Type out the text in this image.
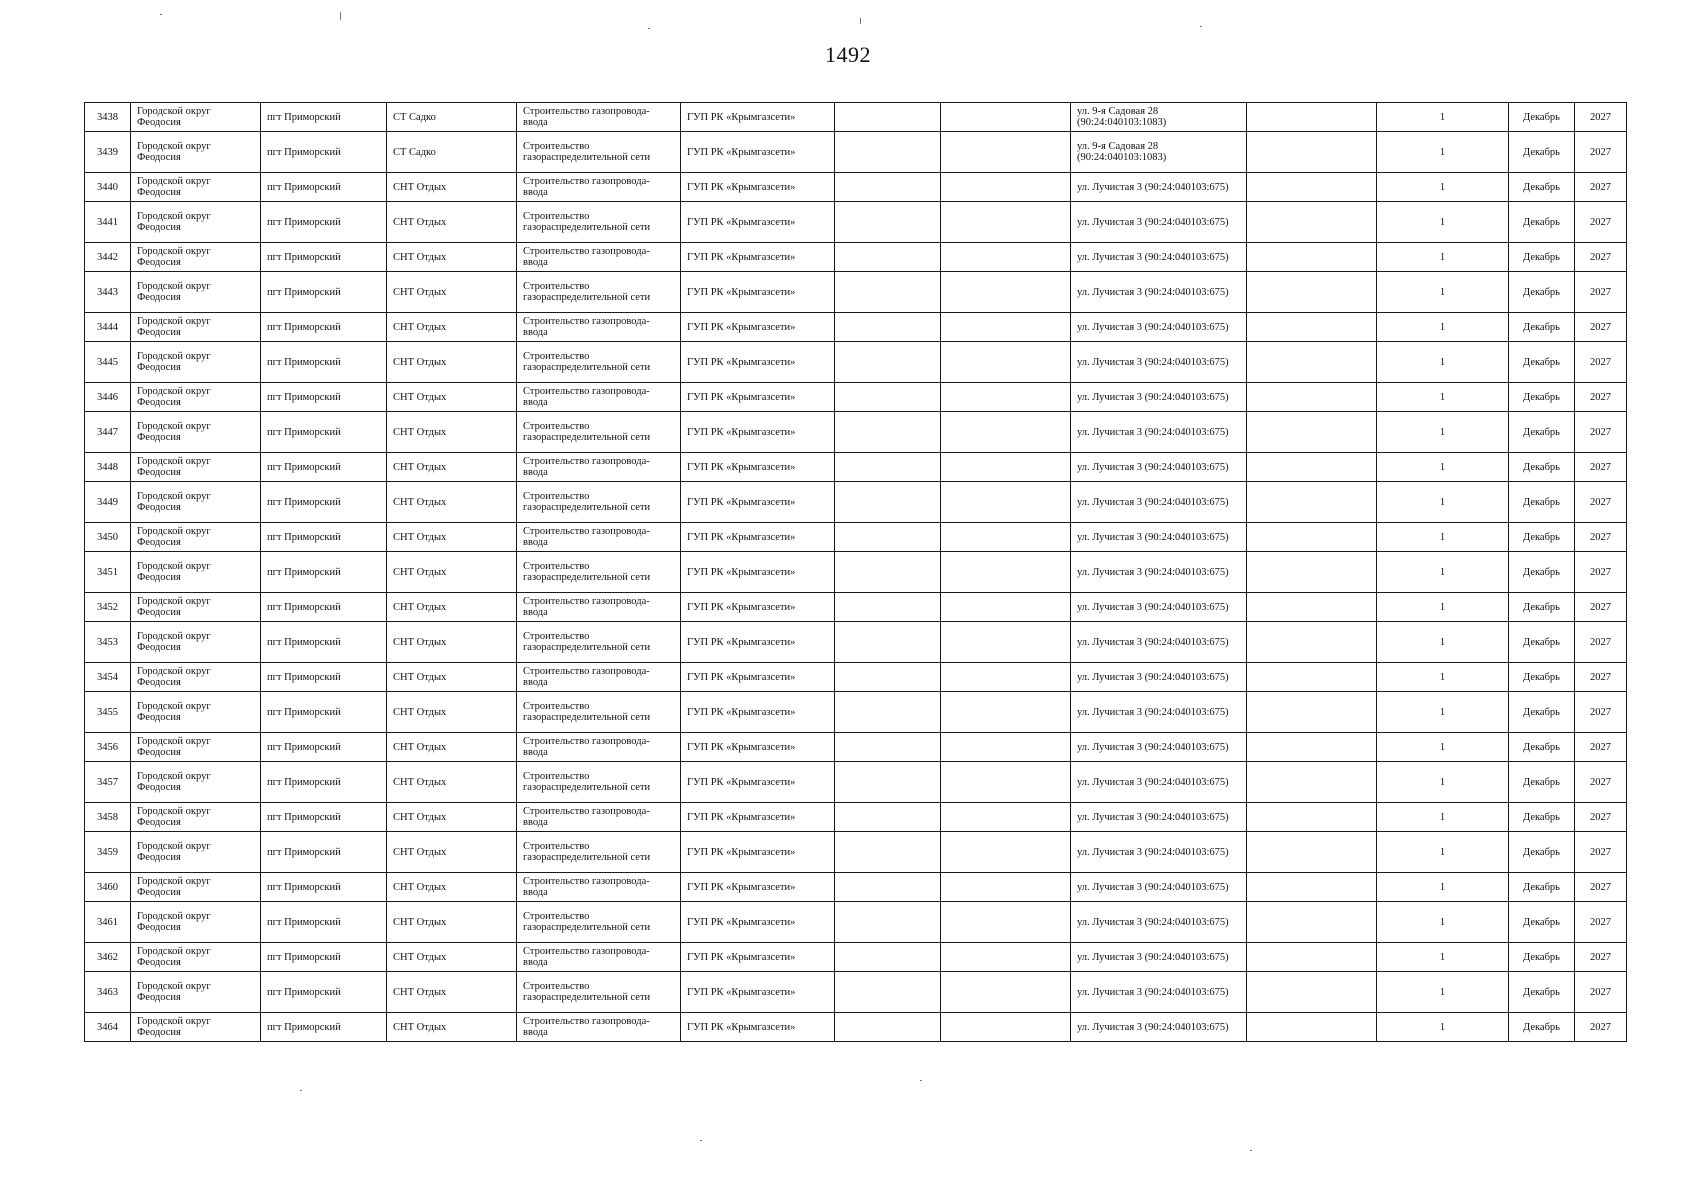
1492
3438	Городской округ Феодосия	пгт Приморский	СТ Садко	Строительство газопровода-ввода	ГУП РК «Крымгазсети»			ул. 9-я Садовая 28 (90:24:040103:1083)		1	Декабрь	2027
3439	Городской округ Феодосия	пгт Приморский	СТ Садко	Строительство газораспределительной сети	ГУП РК «Крымгазсети»			ул. 9-я Садовая 28 (90:24:040103:1083)		1	Декабрь	2027
3440	Городской округ Феодосия	пгт Приморский	СНТ Отдых	Строительство газопровода-ввода	ГУП РК «Крымгазсети»			ул. Лучистая 3 (90:24:040103:675)		1	Декабрь	2027
3441	Городской округ Феодосия	пгт Приморский	СНТ Отдых	Строительство газораспределительной сети	ГУП РК «Крымгазсети»			ул. Лучистая 3 (90:24:040103:675)		1	Декабрь	2027
3442	Городской округ Феодосия	пгт Приморский	СНТ Отдых	Строительство газопровода-ввода	ГУП РК «Крымгазсети»			ул. Лучистая 3 (90:24:040103:675)		1	Декабрь	2027
3443	Городской округ Феодосия	пгт Приморский	СНТ Отдых	Строительство газораспределительной сети	ГУП РК «Крымгазсети»			ул. Лучистая 3 (90:24:040103:675)		1	Декабрь	2027
3444	Городской округ Феодосия	пгт Приморский	СНТ Отдых	Строительство газопровода-ввода	ГУП РК «Крымгазсети»			ул. Лучистая 3 (90:24:040103:675)		1	Декабрь	2027
3445	Городской округ Феодосия	пгт Приморский	СНТ Отдых	Строительство газораспределительной сети	ГУП РК «Крымгазсети»			ул. Лучистая 3 (90:24:040103:675)		1	Декабрь	2027
3446	Городской округ Феодосия	пгт Приморский	СНТ Отдых	Строительство газопровода-ввода	ГУП РК «Крымгазсети»			ул. Лучистая 3 (90:24:040103:675)		1	Декабрь	2027
3447	Городской округ Феодосия	пгт Приморский	СНТ Отдых	Строительство газораспределительной сети	ГУП РК «Крымгазсети»			ул. Лучистая 3 (90:24:040103:675)		1	Декабрь	2027
3448	Городской округ Феодосия	пгт Приморский	СНТ Отдых	Строительство газопровода-ввода	ГУП РК «Крымгазсети»			ул. Лучистая 3 (90:24:040103:675)		1	Декабрь	2027
3449	Городской округ Феодосия	пгт Приморский	СНТ Отдых	Строительство газораспределительной сети	ГУП РК «Крымгазсети»			ул. Лучистая 3 (90:24:040103:675)		1	Декабрь	2027
3450	Городской округ Феодосия	пгт Приморский	СНТ Отдых	Строительство газопровода-ввода	ГУП РК «Крымгазсети»			ул. Лучистая 3 (90:24:040103:675)		1	Декабрь	2027
3451	Городской округ Феодосия	пгт Приморский	СНТ Отдых	Строительство газораспределительной сети	ГУП РК «Крымгазсети»			ул. Лучистая 3 (90:24:040103:675)		1	Декабрь	2027
3452	Городской округ Феодосия	пгт Приморский	СНТ Отдых	Строительство газопровода-ввода	ГУП РК «Крымгазсети»			ул. Лучистая 3 (90:24:040103:675)		1	Декабрь	2027
3453	Городской округ Феодосия	пгт Приморский	СНТ Отдых	Строительство газораспределительной сети	ГУП РК «Крымгазсети»			ул. Лучистая 3 (90:24:040103:675)		1	Декабрь	2027
3454	Городской округ Феодосия	пгт Приморский	СНТ Отдых	Строительство газопровода-ввода	ГУП РК «Крымгазсети»			ул. Лучистая 3 (90:24:040103:675)		1	Декабрь	2027
3455	Городской округ Феодосия	пгт Приморский	СНТ Отдых	Строительство газораспределительной сети	ГУП РК «Крымгазсети»			ул. Лучистая 3 (90:24:040103:675)		1	Декабрь	2027
3456	Городской округ Феодосия	пгт Приморский	СНТ Отдых	Строительство газопровода-ввода	ГУП РК «Крымгазсети»			ул. Лучистая 3 (90:24:040103:675)		1	Декабрь	2027
3457	Городской округ Феодосия	пгт Приморский	СНТ Отдых	Строительство газораспределительной сети	ГУП РК «Крымгазсети»			ул. Лучистая 3 (90:24:040103:675)		1	Декабрь	2027
3458	Городской округ Феодосия	пгт Приморский	СНТ Отдых	Строительство газопровода-ввода	ГУП РК «Крымгазсети»			ул. Лучистая 3 (90:24:040103:675)		1	Декабрь	2027
3459	Городской округ Феодосия	пгт Приморский	СНТ Отдых	Строительство газораспределительной сети	ГУП РК «Крымгазсети»			ул. Лучистая 3 (90:24:040103:675)		1	Декабрь	2027
3460	Городской округ Феодосия	пгт Приморский	СНТ Отдых	Строительство газопровода-ввода	ГУП РК «Крымгазсети»			ул. Лучистая 3 (90:24:040103:675)		1	Декабрь	2027
3461	Городской округ Феодосия	пгт Приморский	СНТ Отдых	Строительство газораспределительной сети	ГУП РК «Крымгазсети»			ул. Лучистая 3 (90:24:040103:675)		1	Декабрь	2027
3462	Городской округ Феодосия	пгт Приморский	СНТ Отдых	Строительство газопровода-ввода	ГУП РК «Крымгазсети»			ул. Лучистая 3 (90:24:040103:675)		1	Декабрь	2027
3463	Городской округ Феодосия	пгт Приморский	СНТ Отдых	Строительство газораспределительной сети	ГУП РК «Крымгазсети»			ул. Лучистая 3 (90:24:040103:675)		1	Декабрь	2027
3464	Городской округ Феодосия	пгт Приморский	СНТ Отдых	Строительство газопровода-ввода	ГУП РК «Крымгазсети»			ул. Лучистая 3 (90:24:040103:675)		1	Декабрь	2027
